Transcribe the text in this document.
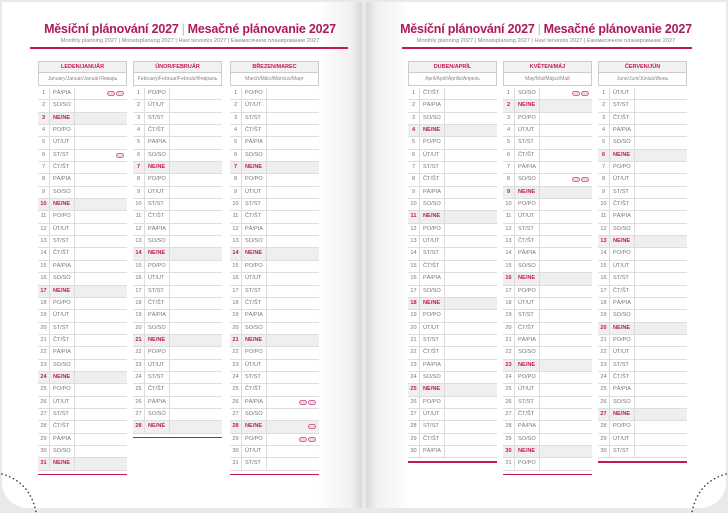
Měsíční plánování 2027 | Mesačné plánovanie 2027
Monthly planning 2027 | Monatsplanung 2027 | Havi tervezés 2027 | Ежемесячное планирование 2027
Měsíční plánování 2027 | Mesačné plánovanie 2027
Monthly planning 2027 | Monatsplanung 2027 | Havi tervezés 2027 | Ежемесячное планирование 2027
LEDEN/JANUÁR
January/Januar/Január/Январь
1	PÁ/PIA
2	SO/SO
3	NE/NE
4	PO/PO
5	ÚT/UT
6	ST/ST
7	ČT/ŠT
8	PÁ/PIA
9	SO/SO
10	NE/NE
11	PO/PO
12	ÚT/UT
13	ST/ST
14	ČT/ŠT
15	PÁ/PIA
16	SO/SO
17	NE/NE
18	PO/PO
19	ÚT/UT
20	ST/ST
21	ČT/ŠT
22	PÁ/PIA
23	SO/SO
24	NE/NE
25	PO/PO
26	ÚT/UT
27	ST/ST
28	ČT/ŠT
29	PÁ/PIA
30	SO/SO
31	NE/NE
ÚNOR/FEBRUÁR
February/Februar/Február/Февраль
1	PO/PO
2	ÚT/UT
3	ST/ST
4	ČT/ŠT
5	PÁ/PIA
6	SO/SO
7	NE/NE
8	PO/PO
9	ÚT/UT
10	ST/ST
11	ČT/ŠT
12	PÁ/PIA
13	SO/SO
14	NE/NE
15	PO/PO
16	ÚT/UT
17	ST/ST
18	ČT/ŠT
19	PÁ/PIA
20	SO/SO
21	NE/NE
22	PO/PO
23	ÚT/UT
24	ST/ST
25	ČT/ŠT
26	PÁ/PIA
27	SO/SO
28	NE/NE
BŘEZEN/MAREC
March/März/Március/Март
1	PO/PO
2	ÚT/UT
3	ST/ST
4	ČT/ŠT
5	PÁ/PIA
6	SO/SO
7	NE/NE
8	PO/PO
9	ÚT/UT
10	ST/ST
11	ČT/ŠT
12	PÁ/PIA
13	SO/SO
14	NE/NE
15	PO/PO
16	ÚT/UT
17	ST/ST
18	ČT/ŠT
19	PÁ/PIA
20	SO/SO
21	NE/NE
22	PO/PO
23	ÚT/UT
24	ST/ST
25	ČT/ŠT
26	PÁ/PIA
27	SO/SO
28	NE/NE
29	PO/PO
30	ÚT/UT
31	ST/ST
DUBEN/APRÍL
April/April/Április/Апрель
1	ČT/ŠT
2	PÁ/PIA
3	SO/SO
4	NE/NE
5	PO/PO
6	ÚT/UT
7	ST/ST
8	ČT/ŠT
9	PÁ/PIA
10	SO/SO
11	NE/NE
12	PO/PO
13	ÚT/UT
14	ST/ST
15	ČT/ŠT
16	PÁ/PIA
17	SO/SO
18	NE/NE
19	PO/PO
20	ÚT/UT
21	ST/ST
22	ČT/ŠT
23	PÁ/PIA
24	SO/SO
25	NE/NE
26	PO/PO
27	ÚT/UT
28	ST/ST
29	ČT/ŠT
30	PÁ/PIA
KVĚTEN/MÁJ
May/Mai/Május/Май
1	SO/SO
2	NE/NE
3	PO/PO
4	ÚT/UT
5	ST/ST
6	ČT/ŠT
7	PÁ/PIA
8	SO/SO
9	NE/NE
10	PO/PO
11	ÚT/UT
12	ST/ST
13	ČT/ŠT
14	PÁ/PIA
15	SO/SO
16	NE/NE
17	PO/PO
18	ÚT/UT
19	ST/ST
20	ČT/ŠT
21	PÁ/PIA
22	SO/SO
23	NE/NE
24	PO/PO
25	ÚT/UT
26	ST/ST
27	ČT/ŠT
28	PÁ/PIA
29	SO/SO
30	NE/NE
31	PO/PO
ČERVEN/JÚN
June/Juni/Június/Июнь
1	ÚT/UT
2	ST/ST
3	ČT/ŠT
4	PÁ/PIA
5	SO/SO
6	NE/NE
7	PO/PO
8	ÚT/UT
9	ST/ST
10	ČT/ŠT
11	PÁ/PIA
12	SO/SO
13	NE/NE
14	PO/PO
15	ÚT/UT
16	ST/ST
17	ČT/ŠT
18	PÁ/PIA
19	SO/SO
20	NE/NE
21	PO/PO
22	ÚT/UT
23	ST/ST
24	ČT/ŠT
25	PÁ/PIA
26	SO/SO
27	NE/NE
28	PO/PO
29	ÚT/UT
30	ST/ST
